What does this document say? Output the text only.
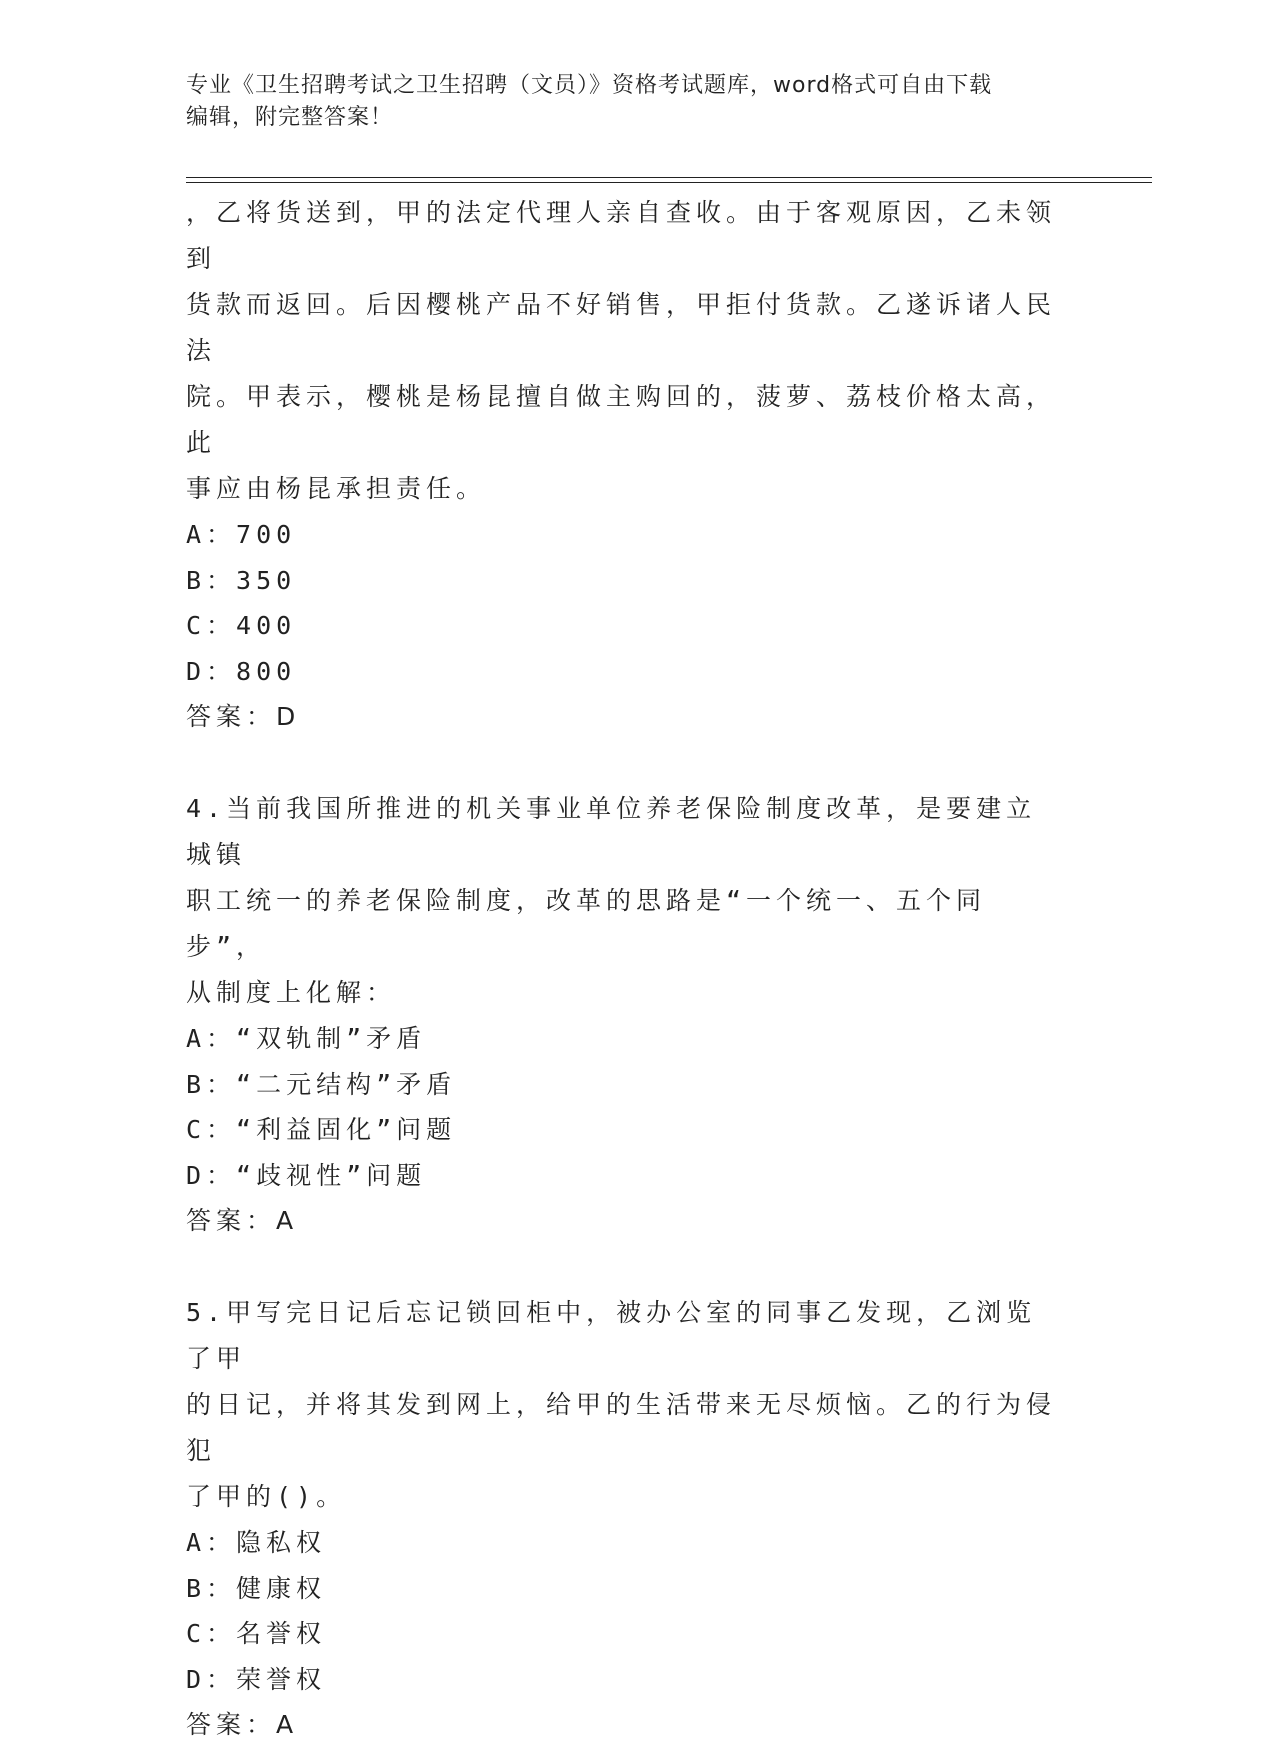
专业《卫生招聘考试之卫生招聘（文员）》资格考试题库，word格式可自由下载
编辑，附完整答案！

，乙将货送到，甲的法定代理人亲自查收。由于客观原因，乙未领到

货款而返回。后因樱桃产品不好销售，甲拒付货款。乙遂诉诸人民法

院。甲表示，樱桃是杨昆擅自做主购回的，菠萝、荔枝价格太高，此

事应由杨昆承担责任。

A：700

B：350

C：400

D：800

答案：D

4.当前我国所推进的机关事业单位养老保险制度改革，是要建立城镇

职工统一的养老保险制度，改革的思路是“一个统一、五个同步”，

从制度上化解：

A：“双轨制”矛盾

B：“二元结构”矛盾

C：“利益固化”问题

D：“歧视性”问题

答案：A

5.甲写完日记后忘记锁回柜中，被办公室的同事乙发现，乙浏览了甲

的日记，并将其发到网上，给甲的生活带来无尽烦恼。乙的行为侵犯

了甲的()。

A：隐私权

B：健康权

C：名誉权

D：荣誉权

答案：A
